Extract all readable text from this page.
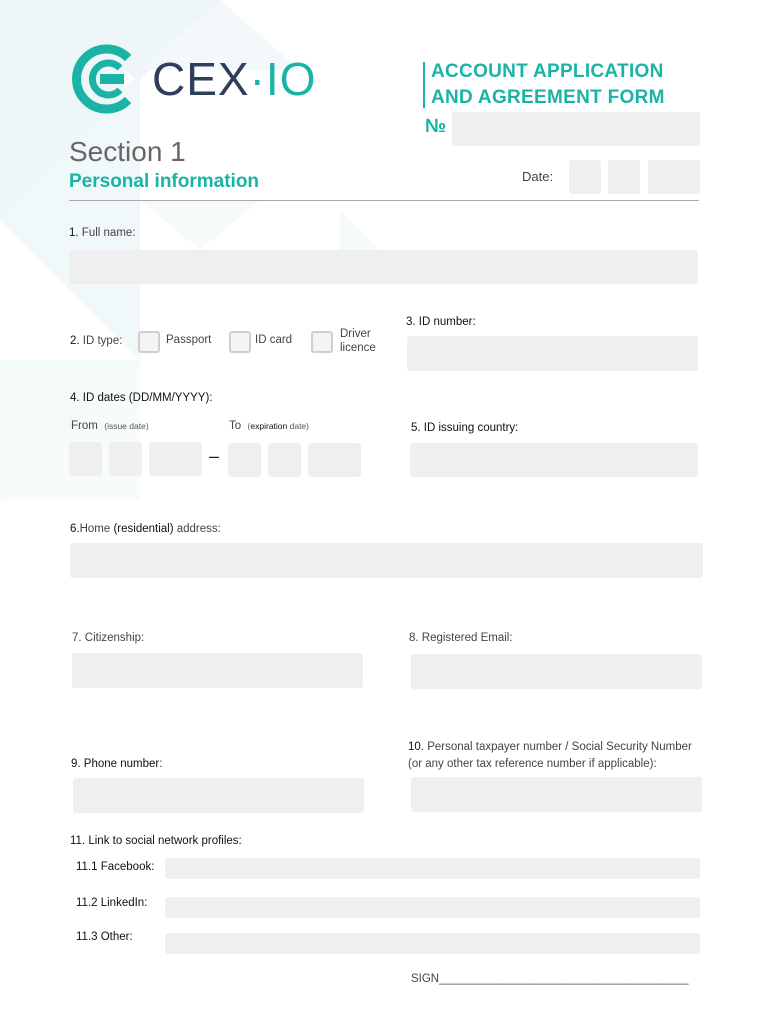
CEX·IO	ACCOUNT APPLICATION
AND AGREEMENT FORM
№
Section 1
Personal information	Date:
1. Full name:
2. ID type:	Passport	ID card	Driver
licence
3. ID number:
4. ID dates (DD/MM/YYYY):
From (issue date)	To (expiration date)
–
5. ID issuing country:
6.Home (residential) address:
7. Citizenship:	8. Registered Email:
9. Phone number:
10. Personal taxpayer number / Social Security Number
(or any other tax reference number if applicable):
11. Link to social network profiles:
11.1 Facebook:
11.2 LinkedIn:
11.3 Other:
SIGN_______________________________________
